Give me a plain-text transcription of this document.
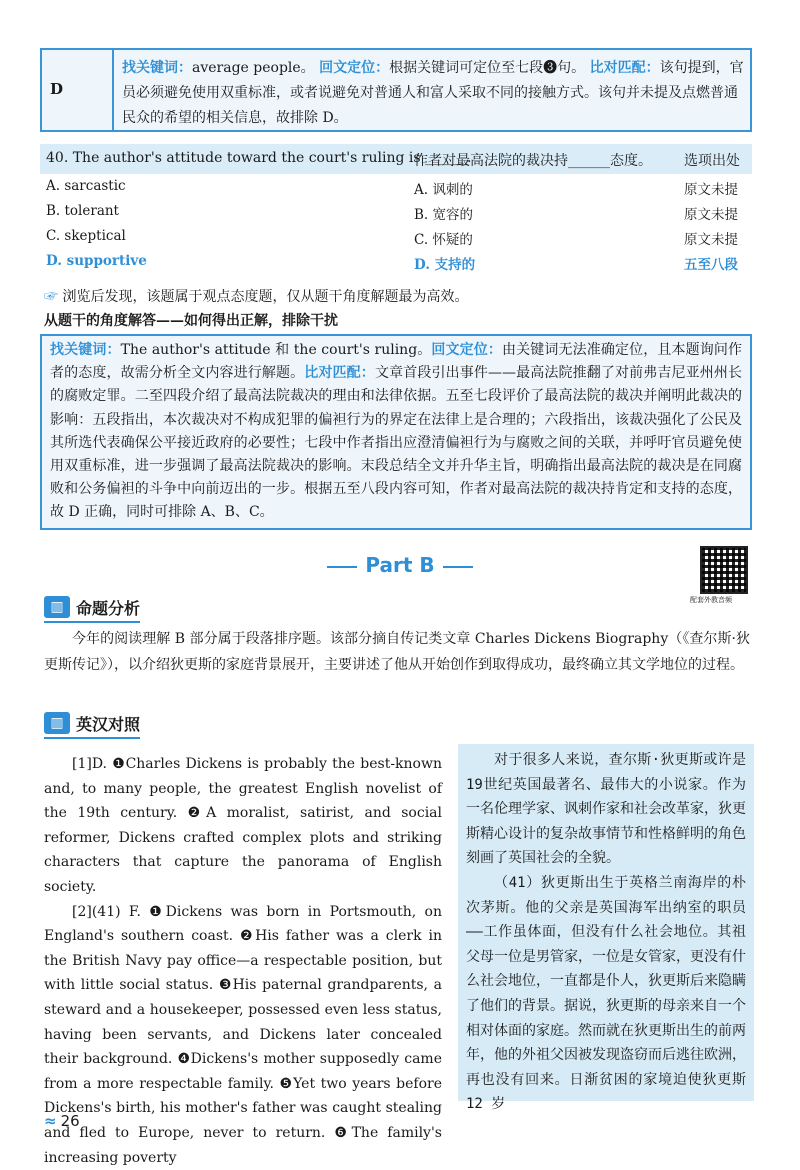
D
找关键词：average people。 回文定位：根据关键词可定位至七段❸句。 比对匹配：该句提到，官员必须避免使用双重标准，或者说避免对普通人和富人采取不同的接触方式。该句并未提及点燃普通民众的希望的相关信息，故排除 D。
40. The author's attitude toward the court's ruling is ______.
作者对最高法院的裁决持______态度。 选项出处
A. sarcastic	A. 讽刺的	原文未提
B. tolerant	B. 宽容的	原文未提
C. skeptical	C. 怀疑的	原文未提
D. supportive	D. 支持的	五至八段
☞ 浏览后发现，该题属于观点态度题，仅从题干角度解题最为高效。
从题干的角度解答——如何得出正解，排除干扰
找关键词：The author's attitude 和 the court's ruling。回文定位：由关键词无法准确定位，且本题询问作者的态度，故需分析全文内容进行解题。比对匹配：文章首段引出事件——最高法院推翻了对前弗吉尼亚州州长的腐败定罪。二至四段介绍了最高法院裁决的理由和法律依据。五至七段评价了最高法院的裁决并阐明此裁决的影响：五段指出，本次裁决对不构成犯罪的偏袒行为的界定在法律上是合理的；六段指出，该裁决强化了公民及其所选代表确保公平接近政府的必要性；七段中作者指出应澄清偏袒行为与腐败之间的关联，并呼吁官员避免使用双重标准，进一步强调了最高法院裁决的影响。末段总结全文并升华主旨，明确指出最高法院的裁决是在同腐败和公务偏袒的斗争中向前迈出的一步。根据五至八段内容可知，作者对最高法院的裁决持肯定和支持的态度，故 D 正确，同时可排除 A、B、C。
Part B
配套外教音频
▥ 命题分析
今年的阅读理解 B 部分属于段落排序题。该部分摘自传记类文章 Charles Dickens Biography（《查尔斯·狄更斯传记》），以介绍狄更斯的家庭背景展开，主要讲述了他从开始创作到取得成功，最终确立其文学地位的过程。
▥ 英汉对照

[1]D. ❶Charles Dickens is probably the best-known and, to many people, the greatest English novelist of the 19th century. ❷A moralist, satirist, and social reformer, Dickens crafted complex plots and striking characters that capture the panorama of English society.

[2](41) F. ❶Dickens was born in Portsmouth, on England's southern coast. ❷His father was a clerk in the British Navy pay office—a respectable position, but with little social status. ❸His paternal grandparents, a steward and a housekeeper, possessed even less status, having been servants, and Dickens later concealed their background. ❹Dickens's mother supposedly came from a more respectable family. ❺Yet two years before Dickens's birth, his mother's father was caught stealing and fled to Europe, never to return. ❻The family's increasing poverty

对于很多人来说，查尔斯·狄更斯或许是19世纪英国最著名、最伟大的小说家。作为一名伦理学家、讽刺作家和社会改革家，狄更斯精心设计的复杂故事情节和性格鲜明的角色刻画了英国社会的全貌。

（41）狄更斯出生于英格兰南海岸的朴次茅斯。他的父亲是英国海军出纳室的职员——工作虽体面，但没有什么社会地位。其祖父母一位是男管家，一位是女管家，更没有什么社会地位，一直都是仆人，狄更斯后来隐瞒了他们的背景。据说，狄更斯的母亲来自一个相对体面的家庭。然而就在狄更斯出生的前两年，他的外祖父因被发现盗窃而后逃往欧洲，再也没有回来。日渐贫困的家境迫使狄更斯 12 岁

≈ 26
